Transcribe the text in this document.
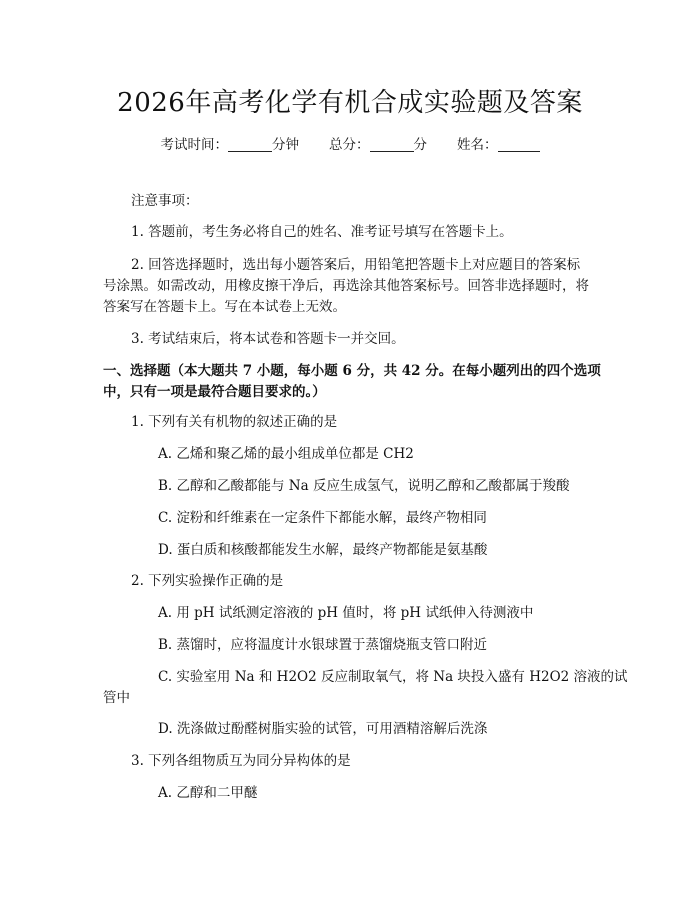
2026年高考化学有机合成实验题及答案
考试时间：	分钟 总分：	分 姓名：
注意事项：
1. 答题前，考生务必将自己的姓名、准考证号填写在答题卡上。
2. 回答选择题时，选出每小题答案后，用铅笔把答题卡上对应题目的答案标
号涂黑。如需改动，用橡皮擦干净后，再选涂其他答案标号。回答非选择题时，将
答案写在答题卡上。写在本试卷上无效。
3. 考试结束后，将本试卷和答题卡一并交回。
一、选择题（本大题共 7 小题，每小题 6 分，共 42 分。在每小题列出的四个选项
中，只有一项是最符合题目要求的。）
1. 下列有关有机物的叙述正确的是
A. 乙烯和聚乙烯的最小组成单位都是 CH2
B. 乙醇和乙酸都能与 Na 反应生成氢气，说明乙醇和乙酸都属于羧酸
C. 淀粉和纤维素在一定条件下都能水解，最终产物相同
D. 蛋白质和核酸都能发生水解，最终产物都能是氨基酸
2. 下列实验操作正确的是
A. 用 pH 试纸测定溶液的 pH 值时，将 pH 试纸伸入待测液中
B. 蒸馏时，应将温度计水银球置于蒸馏烧瓶支管口附近
C. 实验室用 Na 和 H2O2 反应制取氧气，将 Na 块投入盛有 H2O2 溶液的试
管中
D. 洗涤做过酚醛树脂实验的试管，可用酒精溶解后洗涤
3. 下列各组物质互为同分异构体的是
A. 乙醇和二甲醚
